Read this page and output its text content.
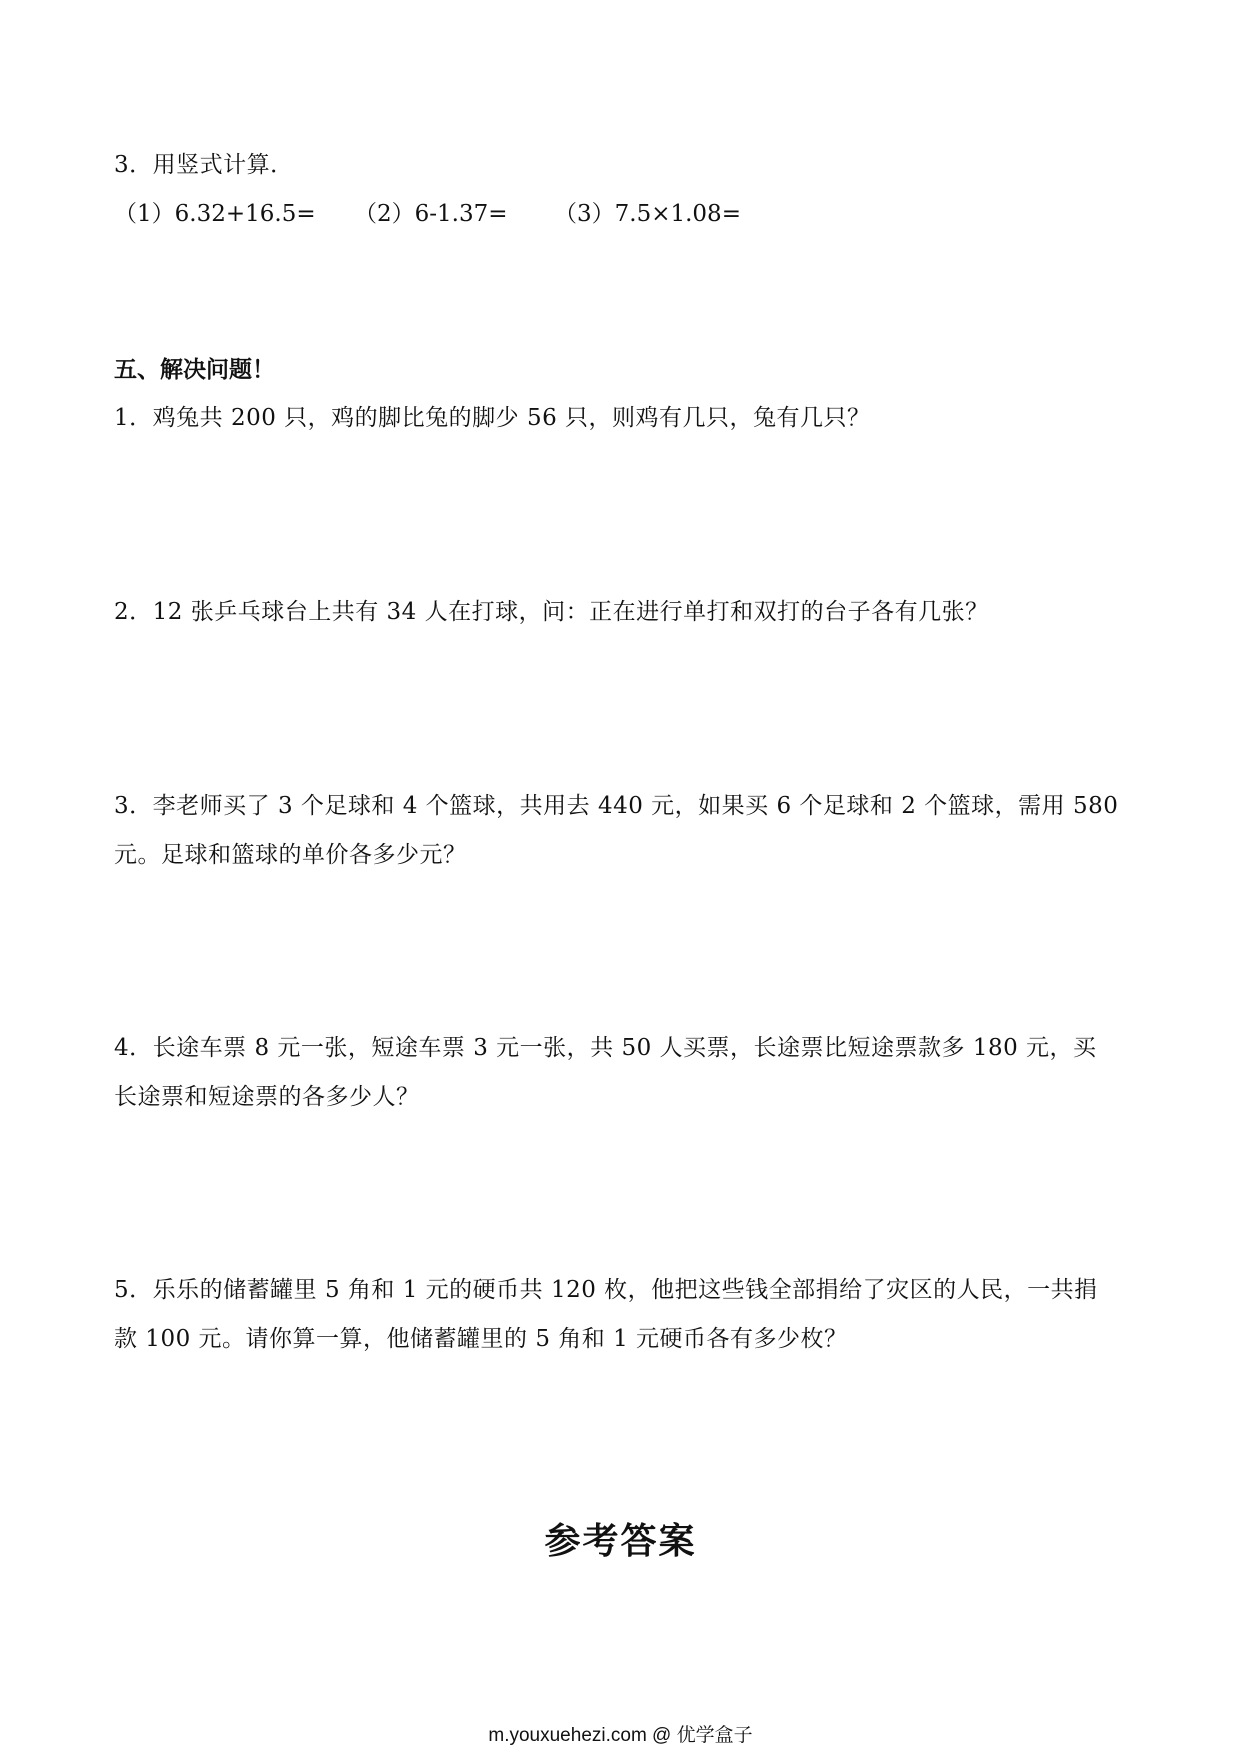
3．用竖式计算．
（1）6.32+16.5= （2）6-1.37= （3）7.5×1.08=
五、解决问题！
1．鸡兔共 200 只，鸡的脚比兔的脚少 56 只，则鸡有几只，兔有几只？
2．12 张乒乓球台上共有 34 人在打球，问：正在进行单打和双打的台子各有几张？
3．李老师买了 3 个足球和 4 个篮球，共用去 440 元，如果买 6 个足球和 2 个篮球，需用 580
元。足球和篮球的单价各多少元？
4．长途车票 8 元一张，短途车票 3 元一张，共 50 人买票，长途票比短途票款多 180 元，买
长途票和短途票的各多少人？
5．乐乐的储蓄罐里 5 角和 1 元的硬币共 120 枚，他把这些钱全部捐给了灾区的人民，一共捐
款 100 元。请你算一算，他储蓄罐里的 5 角和 1 元硬币各有多少枚？
参考答案
m.youxuehezi.com @ 优学盒子
